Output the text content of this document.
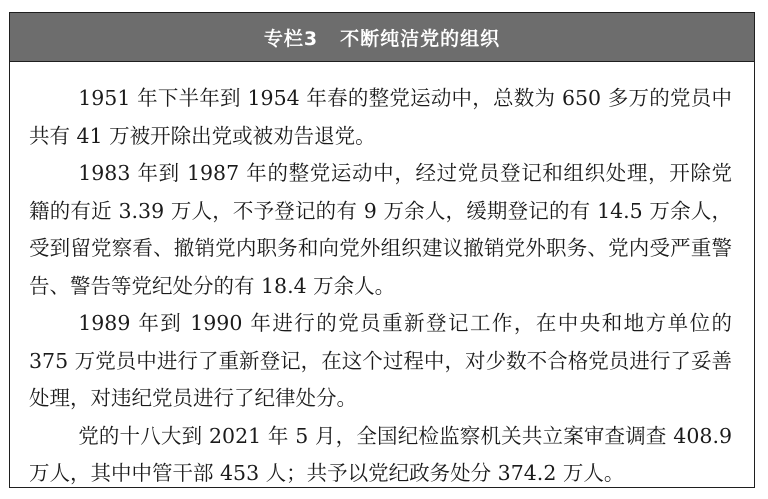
专栏3 不断纯洁党的组织

1951 年下半年到 1954 年春的整党运动中，总数为 650 多万的党员中共有 41 万被开除出党或被劝告退党。

1983 年到 1987 年的整党运动中，经过党员登记和组织处理，开除党籍的有近 3.39 万人，不予登记的有 9 万余人，缓期登记的有 14.5 万余人，受到留党察看、撤销党内职务和向党外组织建议撤销党外职务、党内受严重警告、警告等党纪处分的有 18.4 万余人。

1989 年到 1990 年进行的党员重新登记工作，在中央和地方单位的 375 万党员中进行了重新登记，在这个过程中，对少数不合格党员进行了妥善处理，对违纪党员进行了纪律处分。

党的十八大到 2021 年 5 月，全国纪检监察机关共立案审查调查 408.9 万人，其中中管干部 453 人；共予以党纪政务处分 374.2 万人。
